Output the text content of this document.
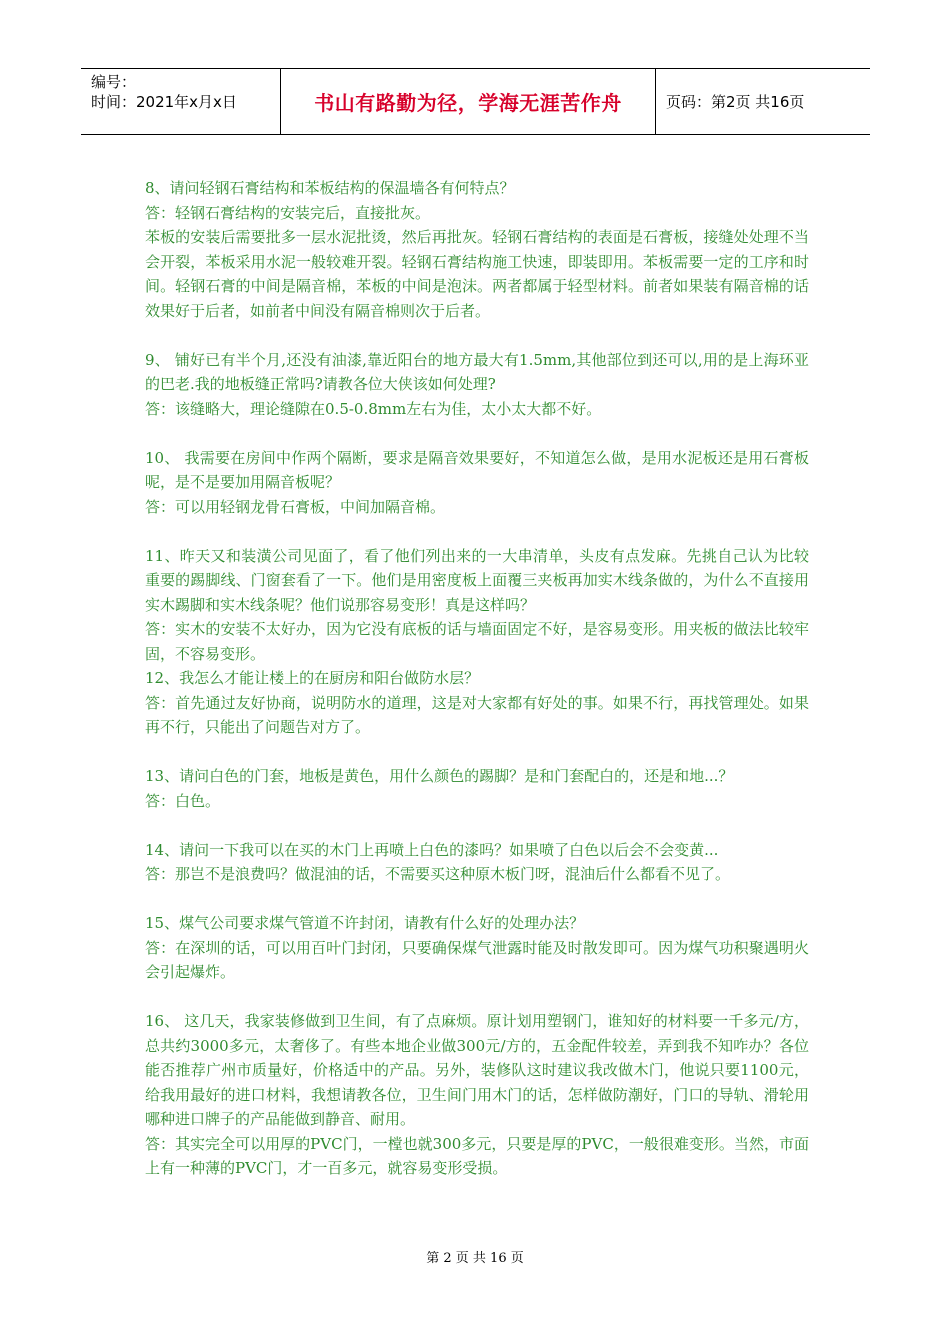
编号：
时间：2021年x月x日	书山有路勤为径，学海无涯苦作舟	页码：第2页 共16页

8、请问轻钢石膏结构和苯板结构的保温墙各有何特点？

答：轻钢石膏结构的安装完后，直接批灰。

苯板的安装后需要批多一层水泥批烫，然后再批灰。轻钢石膏结构的表面是石膏板，接缝处处理不当会开裂，苯板采用水泥一般较难开裂。轻钢石膏结构施工快速，即装即用。苯板需要一定的工序和时间。轻钢石膏的中间是隔音棉，苯板的中间是泡沫。两者都属于轻型材料。前者如果装有隔音棉的话效果好于后者，如前者中间没有隔音棉则次于后者。

9、 铺好已有半个月,还没有油漆,靠近阳台的地方最大有1.5mm,其他部位到还可以,用的是上海环亚的巴老.我的地板缝正常吗?请教各位大侠该如何处理?

答：该缝略大，理论缝隙在0.5-0.8mm左右为佳，太小太大都不好。

10、 我需要在房间中作两个隔断，要求是隔音效果要好，不知道怎么做，是用水泥板还是用石膏板呢，是不是要加用隔音板呢？

答：可以用轻钢龙骨石膏板，中间加隔音棉。

11、昨天又和装潢公司见面了，看了他们列出来的一大串清单，头皮有点发麻。先挑自己认为比较重要的踢脚线、门窗套看了一下。他们是用密度板上面覆三夹板再加实木线条做的，为什么不直接用实木踢脚和实木线条呢？他们说那容易变形！真是这样吗？

答：实木的安装不太好办，因为它没有底板的话与墙面固定不好，是容易变形。用夹板的做法比较牢固，不容易变形。

12、我怎么才能让楼上的在厨房和阳台做防水层？

答：首先通过友好协商，说明防水的道理，这是对大家都有好处的事。如果不行，再找管理处。如果再不行，只能出了问题告对方了。

13、请问白色的门套，地板是黄色，用什么颜色的踢脚？是和门套配白的，还是和地...？

答：白色。

14、请问一下我可以在买的木门上再喷上白色的漆吗？如果喷了白色以后会不会变黄...

答：那岂不是浪费吗？做混油的话，不需要买这种原木板门呀，混油后什么都看不见了。

15、煤气公司要求煤气管道不许封闭，请教有什么好的处理办法？

答：在深圳的话，可以用百叶门封闭，只要确保煤气泄露时能及时散发即可。因为煤气功积聚遇明火会引起爆炸。

16、 这几天，我家装修做到卫生间，有了点麻烦。原计划用塑钢门，谁知好的材料要一千多元/方，总共约3000多元，太奢侈了。有些本地企业做300元/方的，五金配件较差，弄到我不知咋办？各位能否推荐广州市质量好，价格适中的产品。另外，装修队这时建议我改做木门，他说只要1100元，给我用最好的进口材料，我想请教各位，卫生间门用木门的话，怎样做防潮好，门口的导轨、滑轮用哪种进口牌子的产品能做到静音、耐用。

答：其实完全可以用厚的PVC门，一樘也就300多元，只要是厚的PVC，一般很难变形。当然，市面上有一种薄的PVC门，才一百多元，就容易变形受损。

第 2 页 共 16 页
